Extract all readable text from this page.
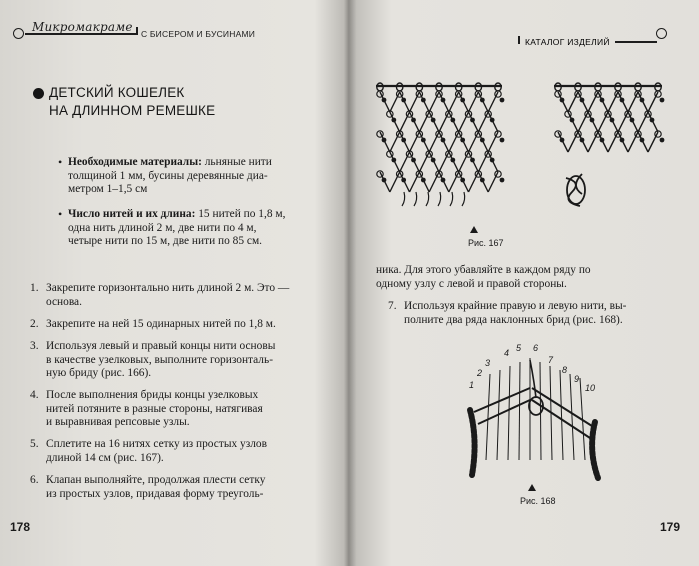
Микромакраме С БИСЕРОМ И БУСИНАМИ
ДЕТСКИЙ КОШЕЛЕК
НА ДЛИННОМ РЕМЕШКЕ
• Необходимые материалы: льняные нити
толщиной 1 мм, бусины деревянные диа-
метром 1–1,5 см
• Число нитей и их длина: 15 нитей по 1,8 м,
одна нить длиной 2 м, две нити по 4 м,
четыре нити по 15 м, две нити по 85 см.
1. Закрепите горизонтально нить длиной 2 м. Это —
основа.
2. Закрепите на ней 15 одинарных нитей по 1,8 м.
3. Используя левый и правый концы нити основы
в качестве узелковых, выполните горизонталь-
ную бриду (рис. 166).
4. После выполнения бриды концы узелковых
нитей потяните в разные стороны, натягивая
и выравнивая репсовые узлы.
5. Сплетите на 16 нитях сетку из простых узлов
длиной 14 см (рис. 167).
6. Клапан выполняйте, продолжая плести сетку
из простых узлов, придавая форму треуголь-
178
КАТАЛОГ ИЗДЕЛИЙ
Рис. 167
ника. Для этого убавляйте в каждом ряду по
одному узлу с левой и правой стороны.
7. Используя крайние правую и левую нити, вы-
полните два ряда наклонных брид (рис. 168).
1
2
3
4 5 6
7
8
9
10
Рис. 168
179
